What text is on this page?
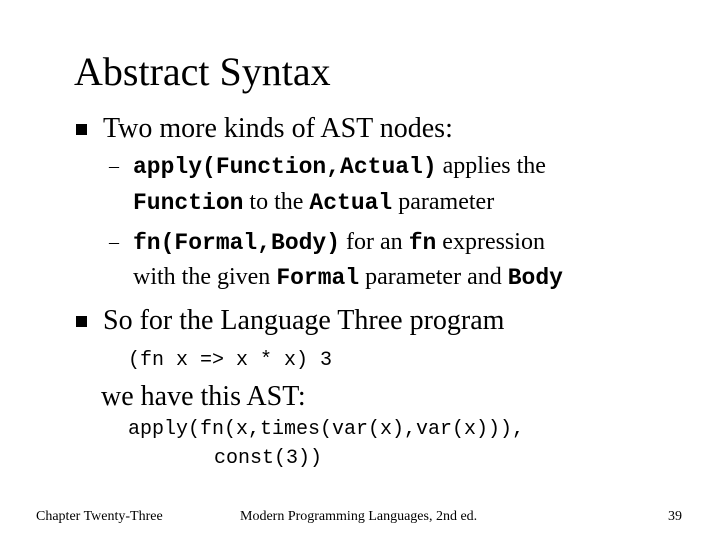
Abstract Syntax
Two more kinds of AST nodes:
– apply(Function,Actual) applies the
Function to the Actual parameter
– fn(Formal,Body) for an fn expression
with the given Formal parameter and Body
So for the Language Three program
(fn x => x * x) 3
we have this AST:
apply(fn(x,times(var(x),var(x))),
const(3))
Chapter Twenty-Three	Modern Programming Languages, 2nd ed.	39
